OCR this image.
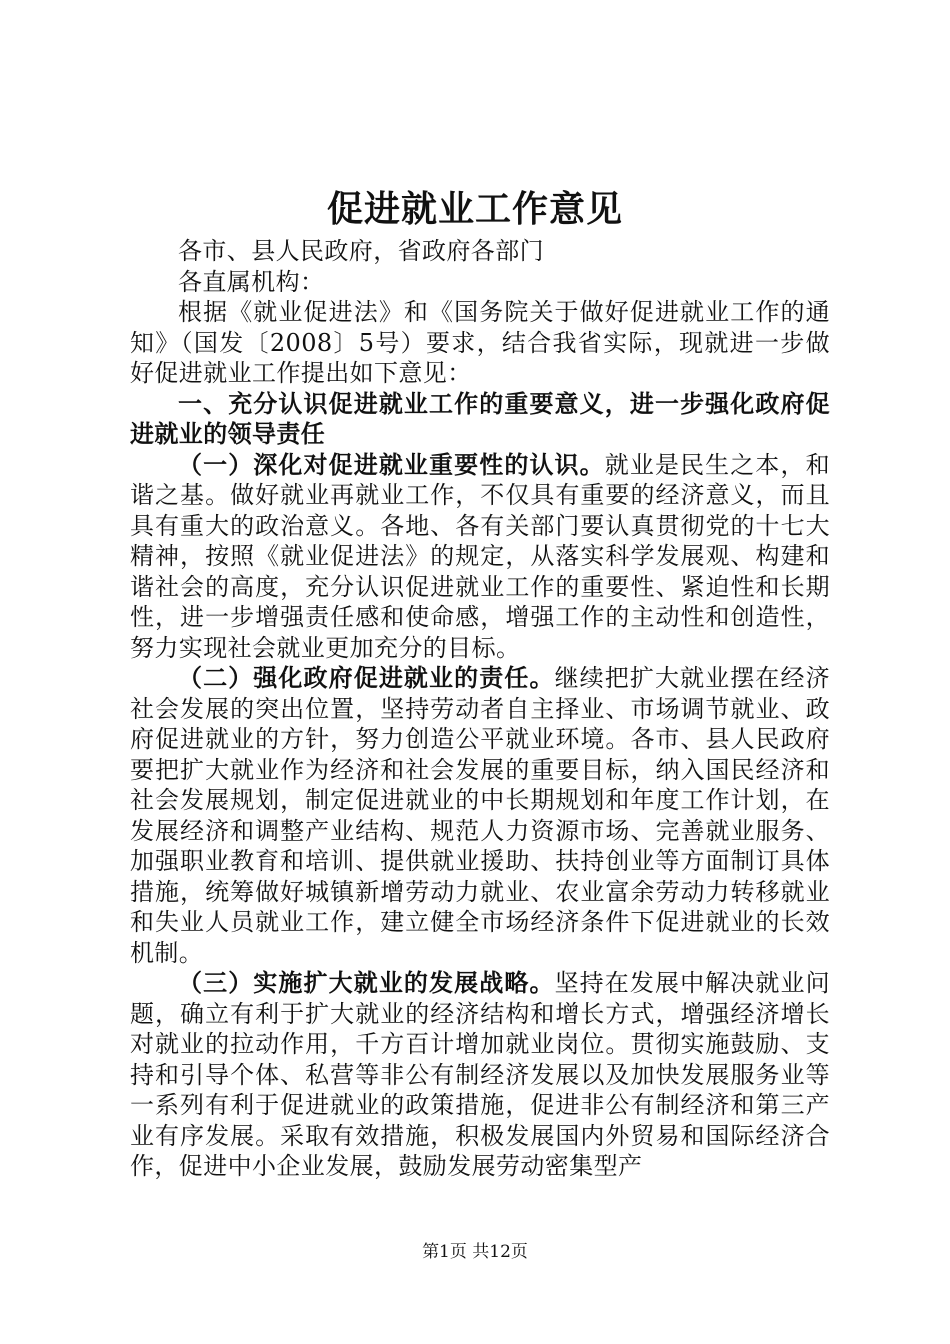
促进就业工作意见

各市、县人民政府，省政府各部门

各直属机构：

根据《就业促进法》和《国务院关于做好促进就业工作的通知》（国发〔2008〕5号）要求，结合我省实际，现就进一步做好促进就业工作提出如下意见：

一、充分认识促进就业工作的重要意义，进一步强化政府促进就业的领导责任

（一）深化对促进就业重要性的认识。就业是民生之本，和谐之基。做好就业再就业工作，不仅具有重要的经济意义，而且具有重大的政治意义。各地、各有关部门要认真贯彻党的十七大精神，按照《就业促进法》的规定，从落实科学发展观、构建和谐社会的高度，充分认识促进就业工作的重要性、紧迫性和长期性，进一步增强责任感和使命感，增强工作的主动性和创造性，努力实现社会就业更加充分的目标。

（二）强化政府促进就业的责任。继续把扩大就业摆在经济社会发展的突出位置，坚持劳动者自主择业、市场调节就业、政府促进就业的方针，努力创造公平就业环境。各市、县人民政府要把扩大就业作为经济和社会发展的重要目标，纳入国民经济和社会发展规划，制定促进就业的中长期规划和年度工作计划，在发展经济和调整产业结构、规范人力资源市场、完善就业服务、加强职业教育和培训、提供就业援助、扶持创业等方面制订具体措施，统筹做好城镇新增劳动力就业、农业富余劳动力转移就业和失业人员就业工作，建立健全市场经济条件下促进就业的长效机制。

（三）实施扩大就业的发展战略。坚持在发展中解决就业问题，确立有利于扩大就业的经济结构和增长方式，增强经济增长对就业的拉动作用，千方百计增加就业岗位。贯彻实施鼓励、支持和引导个体、私营等非公有制经济发展以及加快发展服务业等一系列有利于促进就业的政策措施，促进非公有制经济和第三产业有序发展。采取有效措施，积极发展国内外贸易和国际经济合作，促进中小企业发展，鼓励发展劳动密集型产

第1页 共12页
